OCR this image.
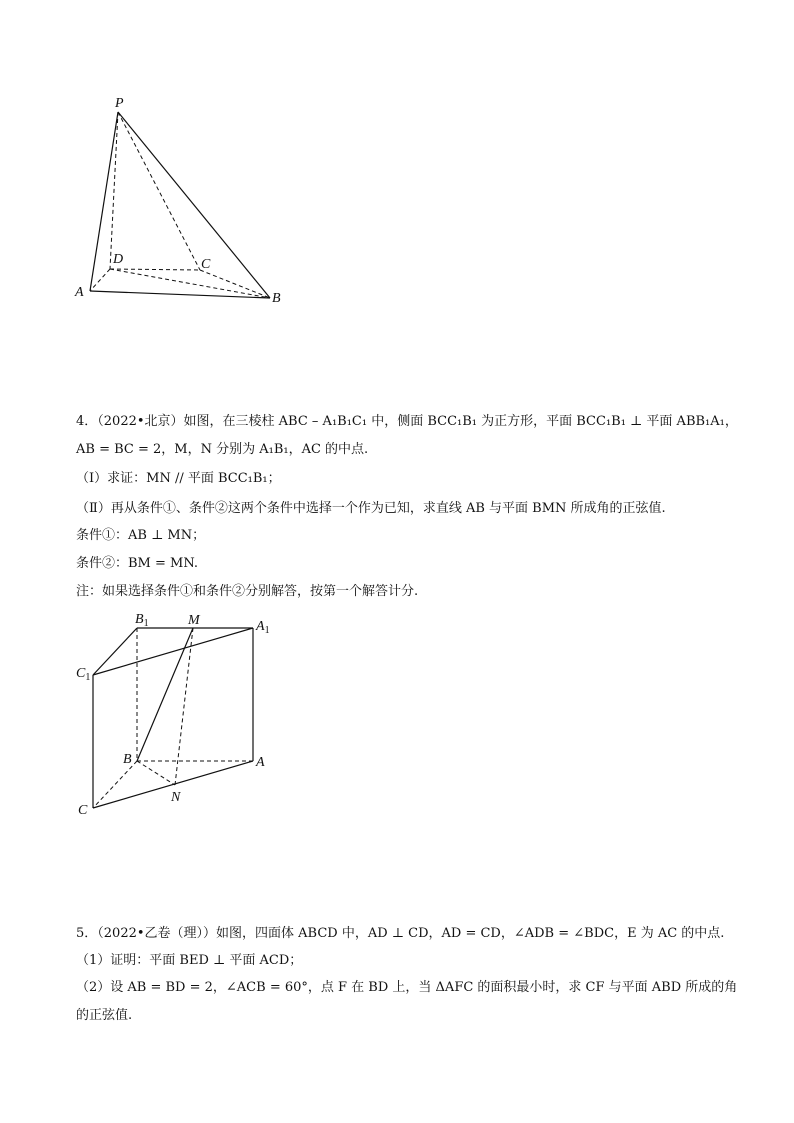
P
D	C
A	B
$B_1$	M	$A_1$
$C_1$
B	A
N
C
4．（2022•北京）如图，在三棱柱 ABC – A₁B₁C₁ 中，侧面 BCC₁B₁ 为正方形，平面 BCC₁B₁ ⊥ 平面 ABB₁A₁，
AB = BC = 2，M，N 分别为 A₁B₁，AC 的中点.
（Ⅰ）求证：MN // 平面 BCC₁B₁；
（Ⅱ）再从条件①、条件②这两个条件中选择一个作为已知，求直线 AB 与平面 BMN 所成角的正弦值.
条件①：AB ⊥ MN；
条件②：BM = MN.
注：如果选择条件①和条件②分别解答，按第一个解答计分.
5．（2022•乙卷（理））如图，四面体 ABCD 中，AD ⊥ CD，AD = CD，∠ADB = ∠BDC，E 为 AC 的中点.
（1）证明：平面 BED ⊥ 平面 ACD；
（2）设 AB = BD = 2，∠ACB = 60°，点 F 在 BD 上，当 ΔAFC 的面积最小时，求 CF 与平面 ABD 所成的角
的正弦值.
